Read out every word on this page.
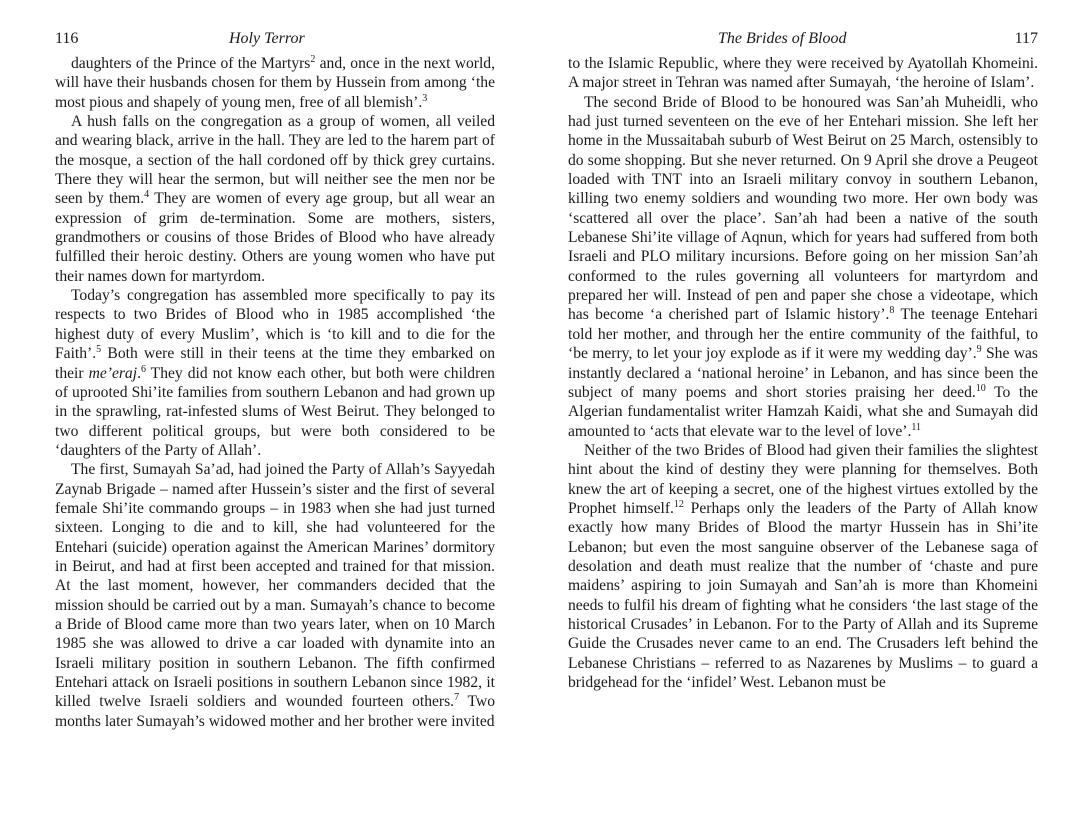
116	Holy Terror

daughters of the Prince of the Martyrs$^2$ and, once in the next world, will have their husbands chosen for them by Hussein from among ‘the most pious and shapely of young men, free of all blemish’.$^3$

A hush falls on the congregation as a group of women, all veiled and wearing black, arrive in the hall. They are led to the harem part of the mosque, a section of the hall cordoned off by thick grey curtains. There they will hear the sermon, but will neither see the men nor be seen by them.$^4$ They are women of every age group, but all wear an expression of grim de-termination. Some are mothers, sisters, grandmothers or cousins of those Brides of Blood who have already fulfilled their heroic destiny. Others are young women who have put their names down for martyrdom.

Today’s congregation has assembled more specifically to pay its respects to two Brides of Blood who in 1985 accomplished ‘the highest duty of every Muslim’, which is ‘to kill and to die for the Faith’.$^5$ Both were still in their teens at the time they embarked on their me’eraj.$^6$ They did not know each other, but both were children of uprooted Shi’ite families from southern Lebanon and had grown up in the sprawling, rat-infested slums of West Beirut. They belonged to two different political groups, but were both considered to be ‘daughters of the Party of Allah’.

The first, Sumayah Sa’ad, had joined the Party of Allah’s Sayyedah Zaynab Brigade – named after Hussein’s sister and the first of several female Shi’ite commando groups – in 1983 when she had just turned sixteen. Longing to die and to kill, she had volunteered for the Entehari (suicide) operation against the American Marines’ dormitory in Beirut, and had at first been accepted and trained for that mission. At the last moment, however, her commanders decided that the mission should be carried out by a man. Sumayah’s chance to become a Bride of Blood came more than two years later, when on 10 March 1985 she was allowed to drive a car loaded with dynamite into an Israeli military position in southern Lebanon. The fifth confirmed Entehari attack on Israeli positions in southern Lebanon since 1982, it killed twelve Israeli soldiers and wounded fourteen others.$^7$ Two months later Sumayah’s widowed mother and her brother were invited

The Brides of Blood	117

to the Islamic Republic, where they were received by Ayatollah Khomeini. A major street in Tehran was named after Sumayah, ‘the heroine of Islam’.

The second Bride of Blood to be honoured was San’ah Muheidli, who had just turned seventeen on the eve of her Entehari mission. She left her home in the Mussaitabah suburb of West Beirut on 25 March, ostensibly to do some shopping. But she never returned. On 9 April she drove a Peugeot loaded with TNT into an Israeli military convoy in southern Lebanon, killing two enemy soldiers and wounding two more. Her own body was ‘scattered all over the place’. San’ah had been a native of the south Lebanese Shi’ite village of Aqnun, which for years had suffered from both Israeli and PLO military incursions. Before going on her mission San’ah conformed to the rules governing all volunteers for martyrdom and prepared her will. Instead of pen and paper she chose a videotape, which has become ‘a cherished part of Islamic history’.$^8$ The teenage Entehari told her mother, and through her the entire community of the faithful, to ‘be merry, to let your joy explode as if it were my wedding day’.$^9$ She was instantly declared a ‘national heroine’ in Lebanon, and has since been the subject of many poems and short stories praising her deed.$^{10}$ To the Algerian fundamentalist writer Hamzah Kaidi, what she and Sumayah did amounted to ‘acts that elevate war to the level of love’.$^{11}$

Neither of the two Brides of Blood had given their families the slightest hint about the kind of destiny they were planning for themselves. Both knew the art of keeping a secret, one of the highest virtues extolled by the Prophet himself.$^{12}$ Perhaps only the leaders of the Party of Allah know exactly how many Brides of Blood the martyr Hussein has in Shi’ite Lebanon; but even the most sanguine observer of the Lebanese saga of desolation and death must realize that the number of ‘chaste and pure maidens’ aspiring to join Sumayah and San’ah is more than Khomeini needs to fulfil his dream of fighting what he considers ‘the last stage of the historical Crusades’ in Lebanon. For to the Party of Allah and its Supreme Guide the Crusades never came to an end. The Crusaders left behind the Lebanese Christians – referred to as Nazarenes by Muslims – to guard a bridgehead for the ‘infidel’ West. Lebanon must be
